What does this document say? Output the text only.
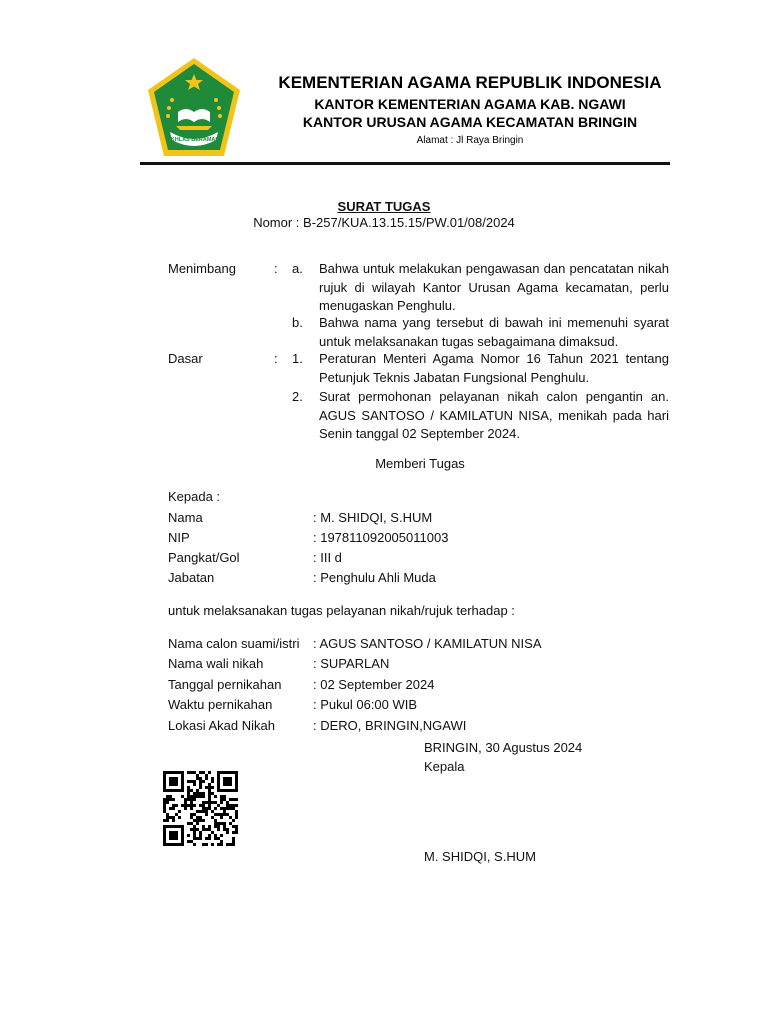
IKHLAS BERAMAL
KEMENTERIAN AGAMA REPUBLIK INDONESIA
KANTOR KEMENTERIAN AGAMA KAB. NGAWI
KANTOR URUSAN AGAMA KECAMATAN BRINGIN
Alamat : Jl Raya Bringin
SURAT TUGAS
Nomor : B-257/KUA.13.15.15/PW.01/08/2024
Menimbang	: a. Bahwa untuk melakukan pengawasan dan pencatatan nikah rujuk di wilayah Kantor Urusan Agama kecamatan, perlu menugaskan Penghulu.
b. Bahwa nama yang tersebut di bawah ini memenuhi syarat untuk melaksanakan tugas sebagaimana dimaksud.
Dasar	: 1. Peraturan Menteri Agama Nomor 16 Tahun 2021 tentang Petunjuk Teknis Jabatan Fungsional Penghulu.
2. Surat permohonan pelayanan nikah calon pengantin an. AGUS SANTOSO / KAMILATUN NISA, menikah pada hari Senin tanggal 02 September 2024.
Memberi Tugas
Kepada :
Nama	: M. SHIDQI, S.HUM
NIP	: 197811092005011003
Pangkat/Gol	: III d
Jabatan	: Penghulu Ahli Muda
untuk melaksanakan tugas pelayanan nikah/rujuk terhadap :
Nama calon suami/istri : AGUS SANTOSO / KAMILATUN NISA
Nama wali nikah	: SUPARLAN
Tanggal pernikahan : 02 September 2024
Waktu pernikahan	: Pukul 06:00 WIB
Lokasi Akad Nikah	: DERO, BRINGIN,NGAWI
BRINGIN, 30 Agustus 2024
Kepala
M. SHIDQI, S.HUM
